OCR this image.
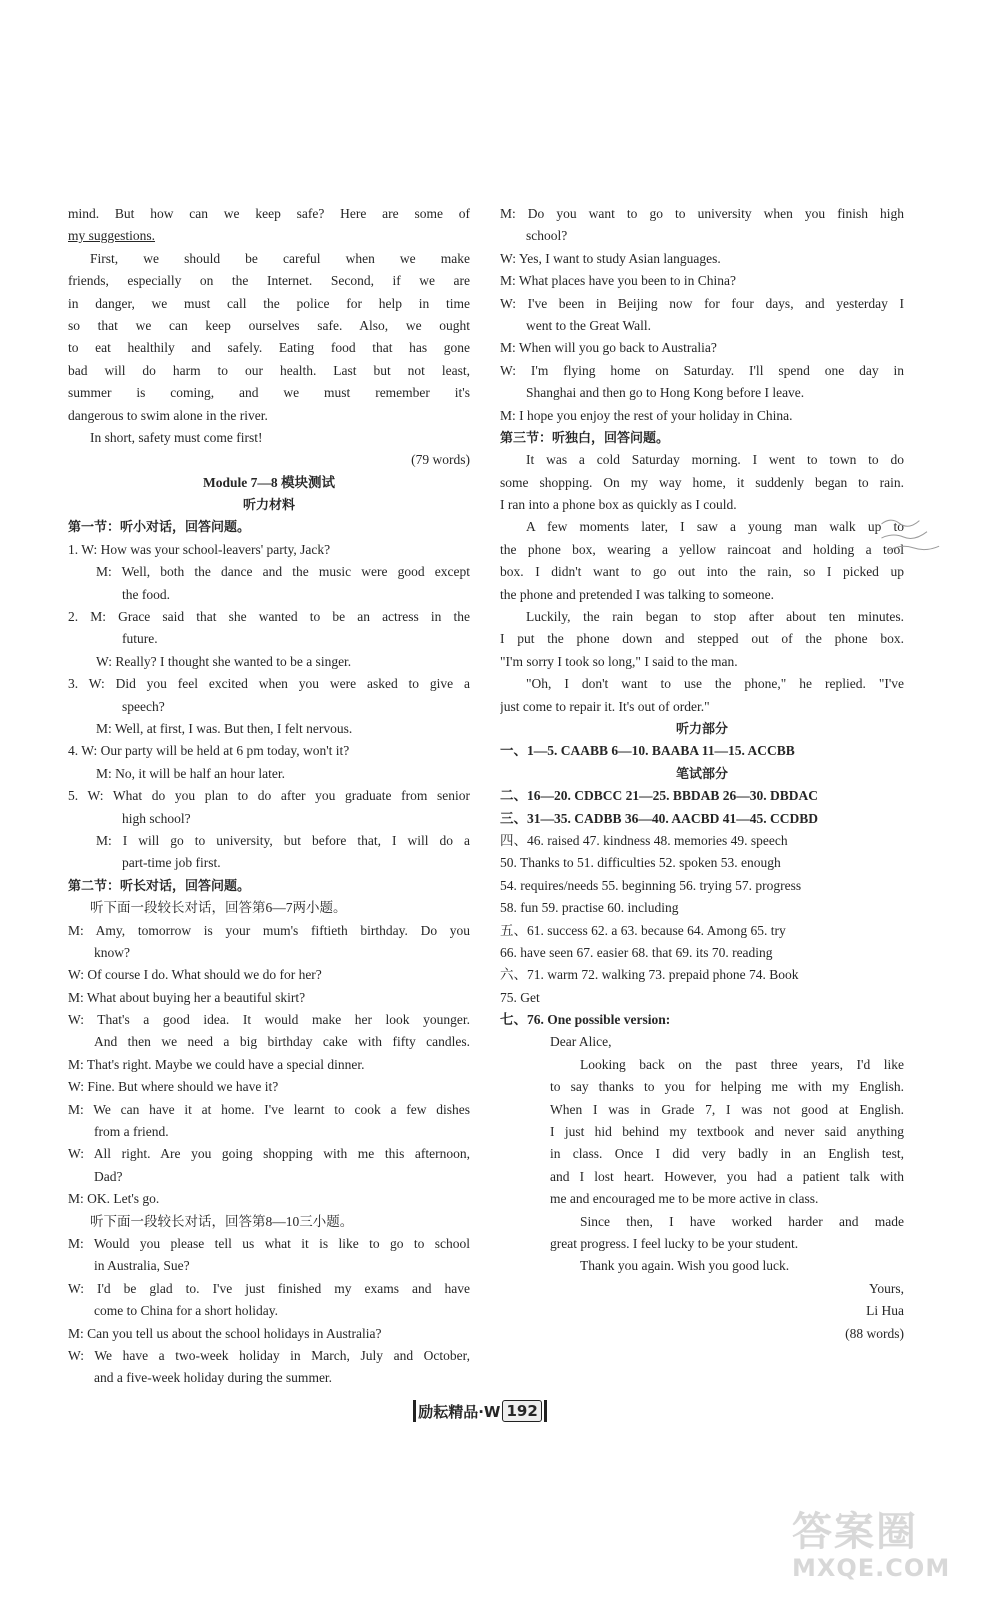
mind. But how can we keep safe? Here are some of
my suggestions.
First, we should be careful when we make
friends, especially on the Internet. Second, if we are
in danger, we must call the police for help in time
so that we can keep ourselves safe. Also, we ought
to eat healthily and safely. Eating food that has gone
bad will do harm to our health. Last but not least,
summer is coming, and we must remember it's
dangerous to swim alone in the river.
In short, safety must come first!
(79 words)
Module 7—8 模块测试
听力材料
第一节：听小对话，回答问题。
1. W: How was your school-leavers' party, Jack?
M: Well, both the dance and the music were good except
the food.
2. M: Grace said that she wanted to be an actress in the
future.
W: Really? I thought she wanted to be a singer.
3. W: Did you feel excited when you were asked to give a
speech?
M: Well, at first, I was. But then, I felt nervous.
4. W: Our party will be held at 6 pm today, won't it?
M: No, it will be half an hour later.
5. W: What do you plan to do after you graduate from senior
high school?
M: I will go to university, but before that, I will do a
part-time job first.
第二节：听长对话，回答问题。
听下面一段较长对话，回答第6—7两小题。
M: Amy, tomorrow is your mum's fiftieth birthday. Do you
know?
W: Of course I do. What should we do for her?
M: What about buying her a beautiful skirt?
W: That's a good idea. It would make her look younger.
And then we need a big birthday cake with fifty candles.
M: That's right. Maybe we could have a special dinner.
W: Fine. But where should we have it?
M: We can have it at home. I've learnt to cook a few dishes
from a friend.
W: All right. Are you going shopping with me this afternoon,
Dad?
M: OK. Let's go.
听下面一段较长对话，回答第8—10三小题。
M: Would you please tell us what it is like to go to school
in Australia, Sue?
W: I'd be glad to. I've just finished my exams and have
come to China for a short holiday.
M: Can you tell us about the school holidays in Australia?
W: We have a two-week holiday in March, July and October,
and a five-week holiday during the summer.
M: Do you want to go to university when you finish high
school?
W: Yes, I want to study Asian languages.
M: What places have you been to in China?
W: I've been in Beijing now for four days, and yesterday I
went to the Great Wall.
M: When will you go back to Australia?
W: I'm flying home on Saturday. I'll spend one day in
Shanghai and then go to Hong Kong before I leave.
M: I hope you enjoy the rest of your holiday in China.
第三节：听独白，回答问题。
It was a cold Saturday morning. I went to town to do
some shopping. On my way home, it suddenly began to rain.
I ran into a phone box as quickly as I could.
A few moments later, I saw a young man walk up to
the phone box, wearing a yellow raincoat and holding a tool
box. I didn't want to go out into the rain, so I picked up
the phone and pretended I was talking to someone.
Luckily, the rain began to stop after about ten minutes.
I put the phone down and stepped out of the phone box.
"I'm sorry I took so long," I said to the man.
"Oh, I don't want to use the phone," he replied. "I've
just come to repair it. It's out of order."
听力部分
一、1—5. CAABB 6—10. BAABA 11—15. ACCBB
笔试部分
二、16—20. CDBCC 21—25. BBDAB 26—30. DBDAC
三、31—35. CADBB 36—40. AACBD 41—45. CCDBD
四、46. raised 47. kindness 48. memories 49. speech
50. Thanks to 51. difficulties 52. spoken 53. enough
54. requires/needs 55. beginning 56. trying 57. progress
58. fun 59. practise 60. including
五、61. success 62. a 63. because 64. Among 65. try
66. have seen 67. easier 68. that 69. its 70. reading
六、71. warm 72. walking 73. prepaid phone 74. Book
75. Get
七、76. One possible version:
Dear Alice,
Looking back on the past three years, I'd like
to say thanks to you for helping me with my English.
When I was in Grade 7, I was not good at English.
I just hid behind my textbook and never said anything
in class. Once I did very badly in an English test,
and I lost heart. However, you had a patient talk with
me and encouraged me to be more active in class.
Since then, I have worked harder and made
great progress. I feel lucky to be your student.
Thank you again. Wish you good luck.
Yours,
Li Hua
(88 words)
励耘精品·W 192
答案圈
MXQE.COM
